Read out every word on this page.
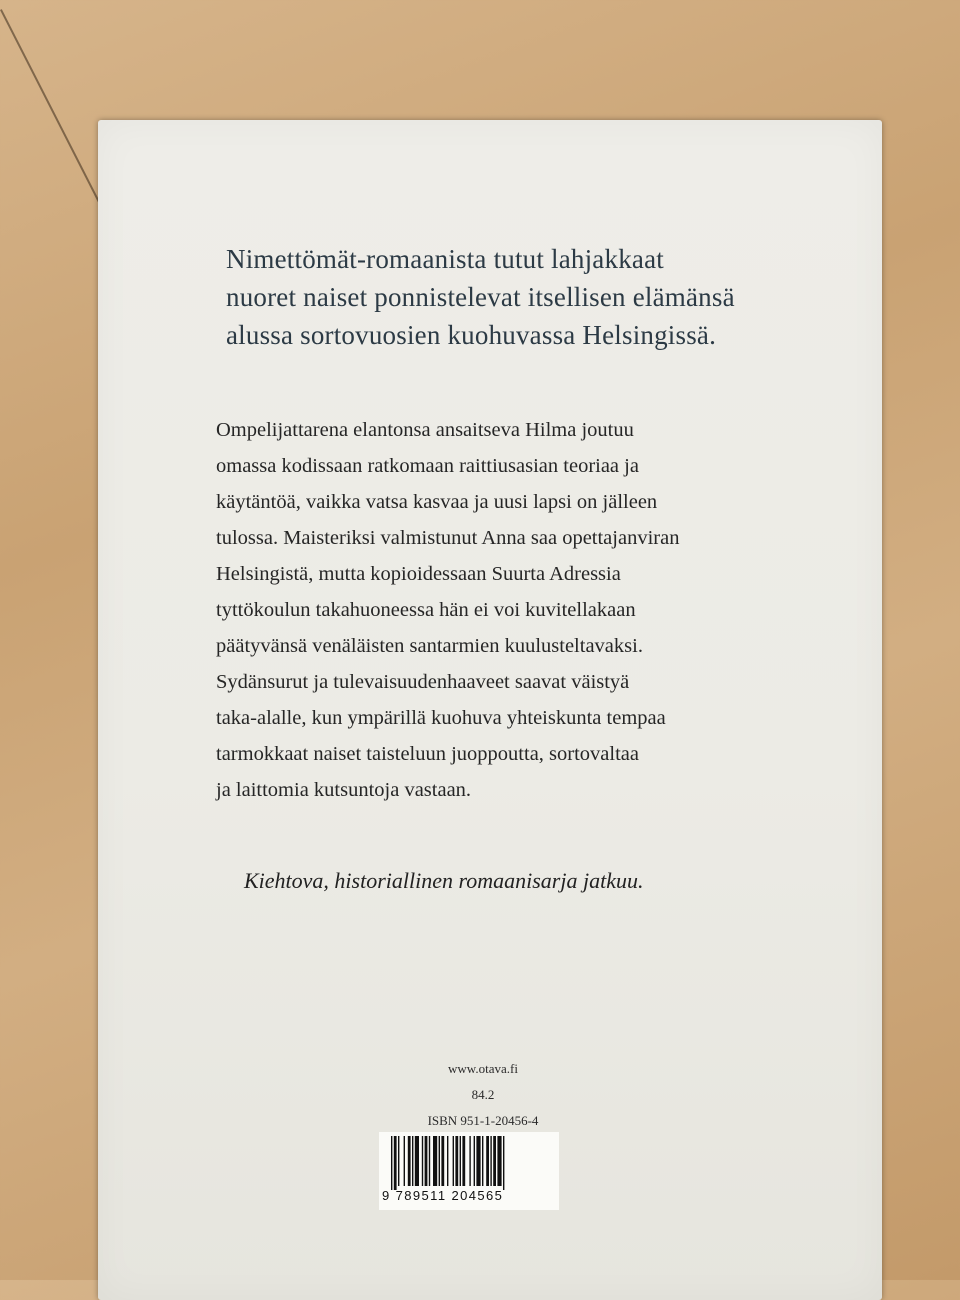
Nimettömät-romaanista tutut lahjakkaat
nuoret naiset ponnistelevat itsellisen elämänsä
alussa sortovuosien kuohuvassa Helsingissä.
Ompelijattarena elantonsa ansaitseva Hilma joutuu
omassa kodissaan ratkomaan raittiusasian teoriaa ja
käytäntöä, vaikka vatsa kasvaa ja uusi lapsi on jälleen
tulossa. Maisteriksi valmistunut Anna saa opettajanviran
Helsingistä, mutta kopioidessaan Suurta Adressia
tyttökoulun takahuoneessa hän ei voi kuvitellakaan
päätyvänsä venäläisten santarmien kuulusteltavaksi.
Sydänsurut ja tulevaisuudenhaaveet saavat väistyä
taka-alalle, kun ympärillä kuohuva yhteiskunta tempaa
tarmokkaat naiset taisteluun juoppoutta, sortovaltaa
ja laittomia kutsuntoja vastaan.
Kiehtova, historiallinen romaanisarja jatkuu.
www.otava.fi
84.2
ISBN 951-1-20456-4
9 789511 204565
